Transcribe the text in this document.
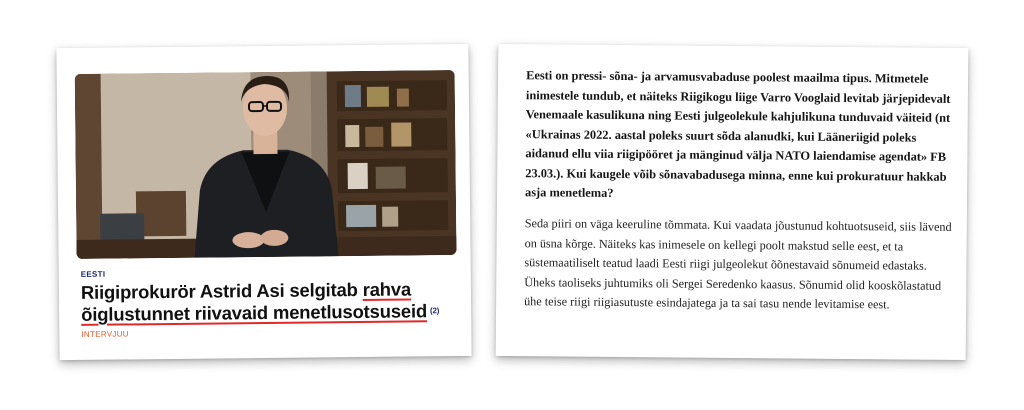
EESTI
Riigiprokurör Astrid Asi selgitab rahva õiglustunnet riivavaid menetlusotsuseid $^{(2)}$
INTERVJUU
Eesti on pressi- sõna- ja arvamusvabaduse poolest maailma tipus. Mitmetele inimestele tundub, et näiteks Riigikogu liige Varro Vooglaid levitab järjepidevalt Venemaale kasulikuna ning Eesti julgeolekule kahjulikuna tunduvaid väiteid (nt «Ukrainas 2022. aastal poleks suurt sõda alanudki, kui Lääneriigid poleks aidanud ellu viia riigipööret ja mänginud välja NATO laiendamise agendat» FB 23.03.). Kui kaugele võib sõnavabadusega minna, enne kui prokuratuur hakkab asja menetlema?
Seda piiri on väga keeruline tõmmata. Kui vaadata jõustunud kohtuotsuseid, siis lävend on üsna kõrge. Näiteks kas inimesele on kellegi poolt makstud selle eest, et ta süstemaatiliselt teatud laadi Eesti riigi julgeolekut õõnestavaid sõnumeid edastaks. Üheks taoliseks juhtumiks oli Sergei Seredenko kaasus. Sõnumid olid kooskõlastatud ühe teise riigi riigiasutuste esindajatega ja ta sai tasu nende levitamise eest.
